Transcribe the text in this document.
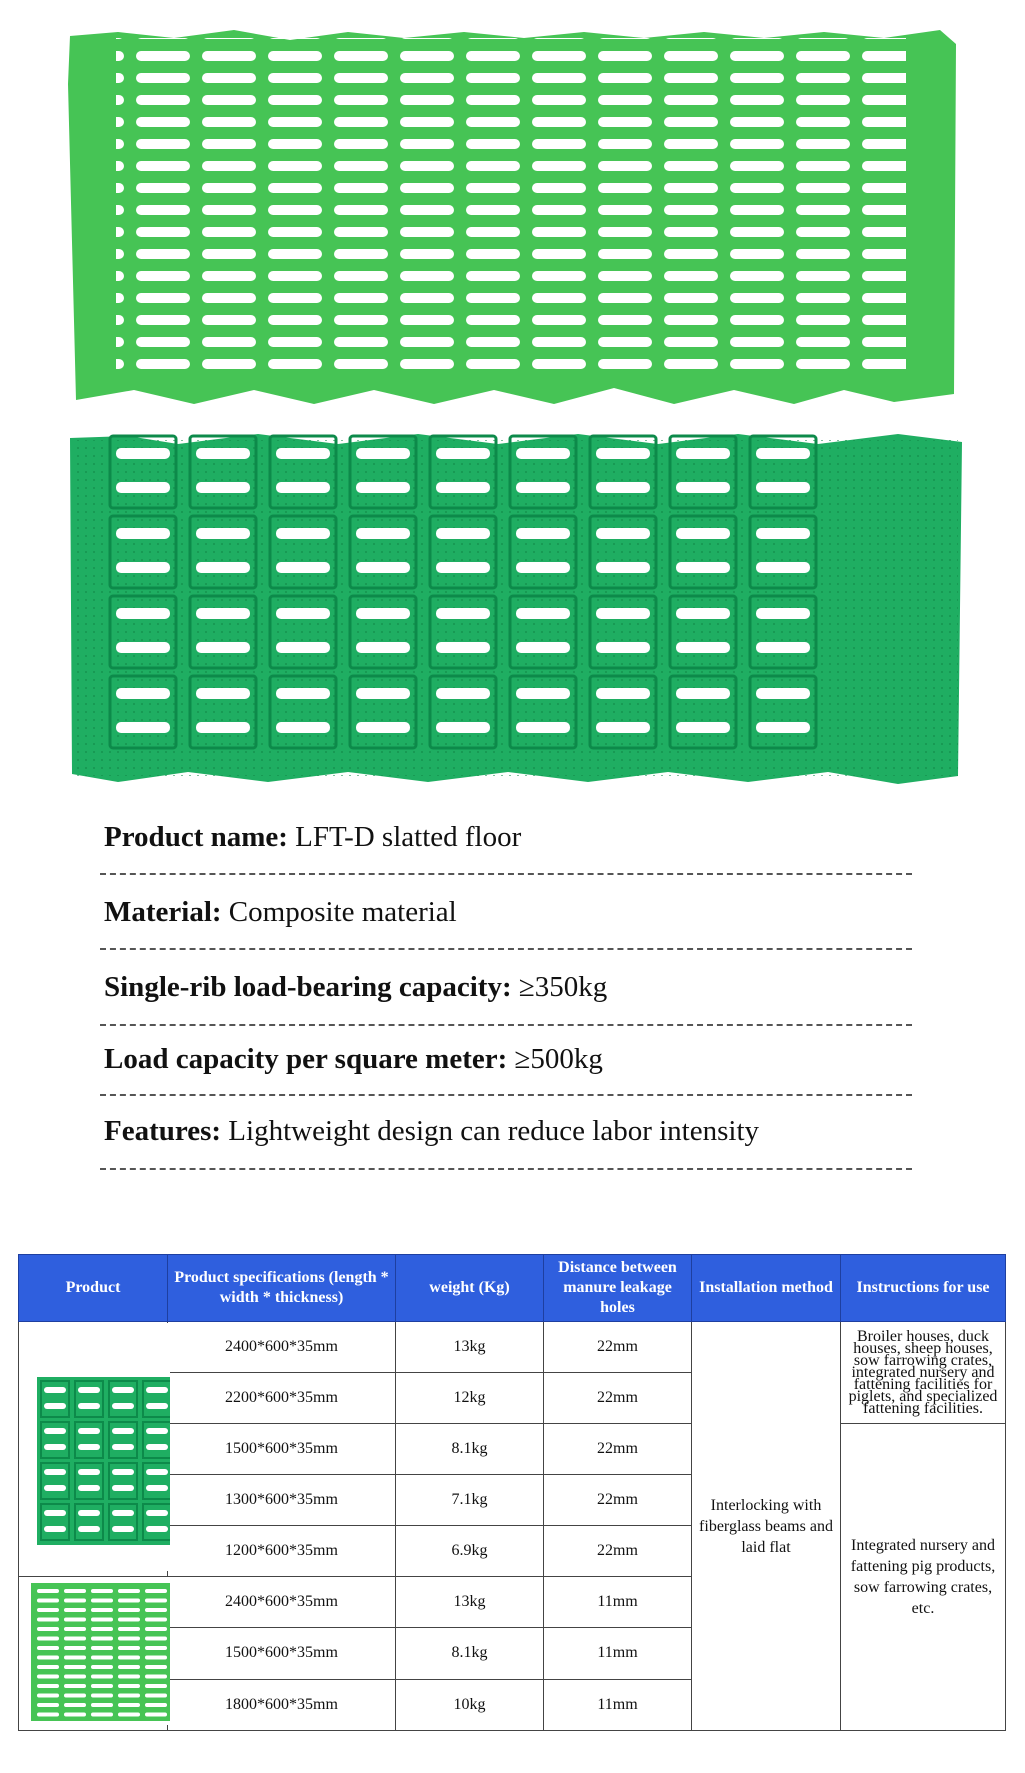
Product name: LFT-D slatted floor
Material: Composite material
Single-rib load-bearing capacity: ≥350kg
Load capacity per square meter: ≥500kg
Features: Lightweight design can reduce labor intensity
Product	Product specifications (length * width * thickness)	weight (Kg)	Distance between manure leakage holes	Installation method	Instructions for use
	2400*600*35mm	13kg	22mm	Interlocking with fiberglass beams and laid flat	Broiler houses, duck houses, sheep houses, sow farrowing crates, integrated nursery and fattening facilities for piglets, and specialized fattening facilities.
	2200*600*35mm	12kg	22mm		
	1500*600*35mm	8.1kg	22mm		Integrated nursery and fattening pig products, sow farrowing crates, etc.
	1300*600*35mm	7.1kg	22mm		
	1200*600*35mm	6.9kg	22mm		
	2400*600*35mm	13kg	11mm		
	1500*600*35mm	8.1kg	11mm		
	1800*600*35mm	10kg	11mm		
